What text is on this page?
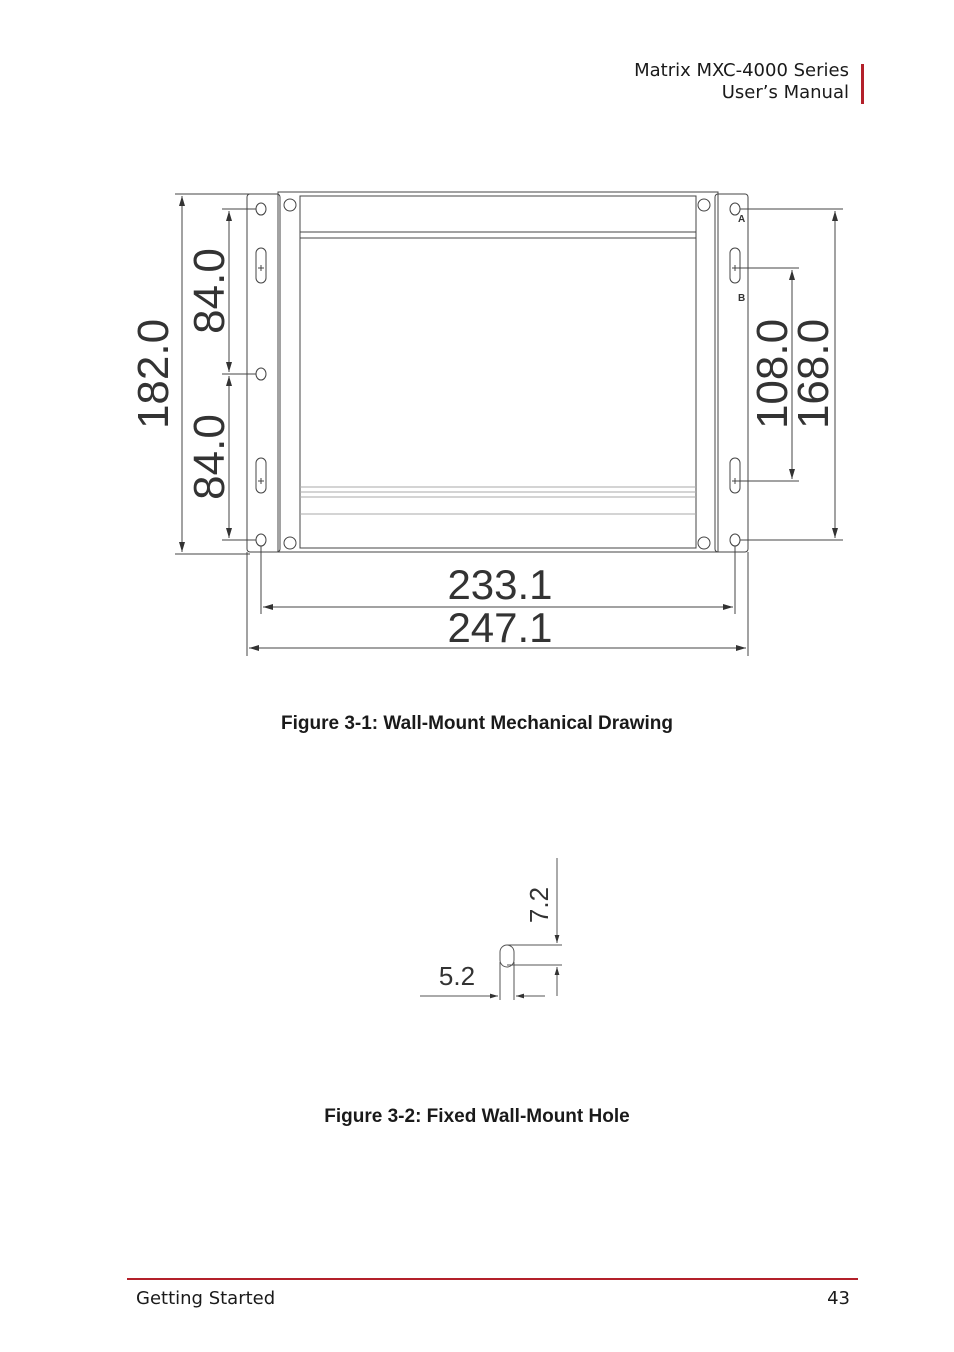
Matrix MXC-4000 Series
User’s Manual
182.0
84.0
84.0
108.0
168.0
233.1
247.1
A
B
Figure 3-1: Wall-Mount Mechanical Drawing
7.2
5.2
Figure 3-2: Fixed Wall-Mount Hole
Getting Started	43
